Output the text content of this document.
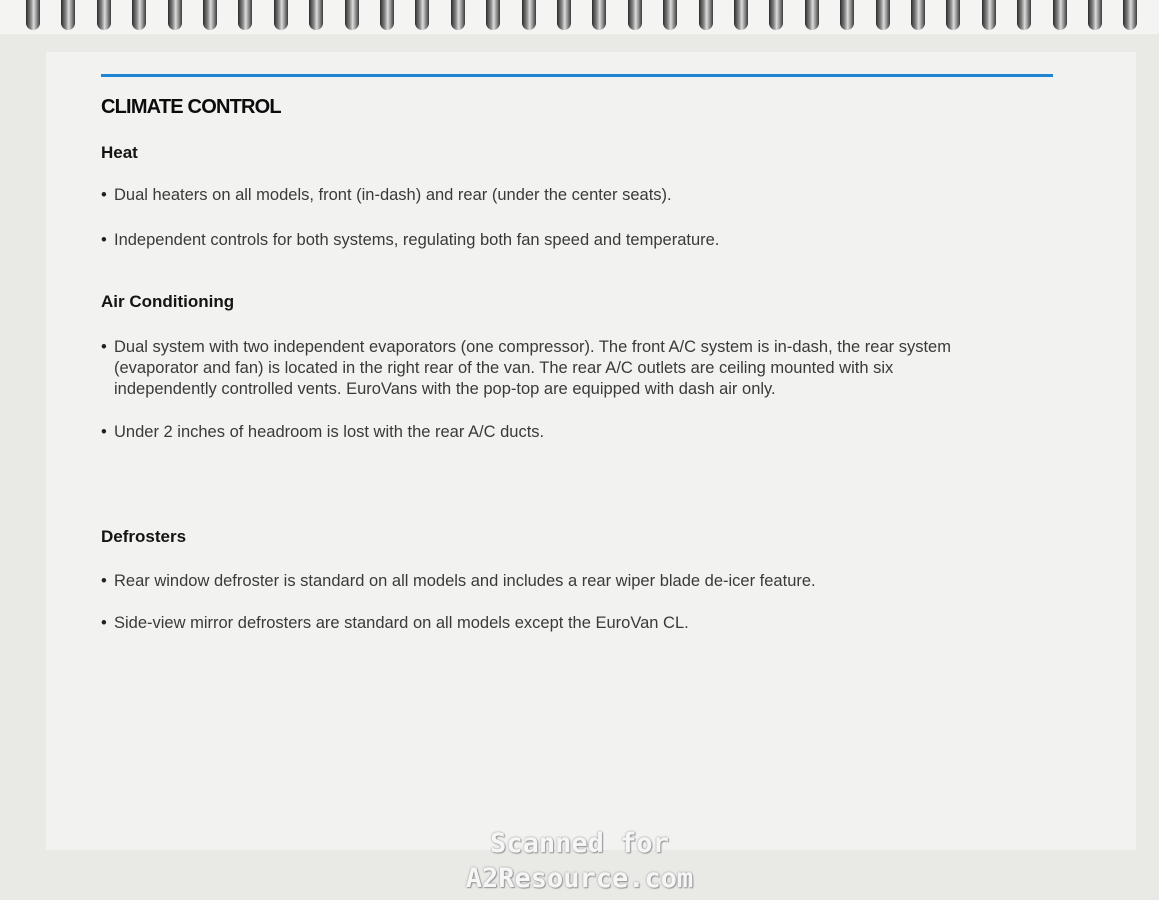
CLIMATE CONTROL
Heat

• Dual heaters on all models, front (in-dash) and rear (under the center seats).

• Independent controls for both systems, regulating both fan speed and temperature.

Air Conditioning

• Dual system with two independent evaporators (one compressor). The front A/C system is in-dash, the rear system (evaporator and fan) is located in the right rear of the van. The rear A/C outlets are ceiling mounted with six independently controlled vents. EuroVans with the pop-top are equipped with dash air only.

• Under 2 inches of headroom is lost with the rear A/C ducts.

Defrosters

• Rear window defroster is standard on all models and includes a rear wiper blade de-icer feature.

• Side-view mirror defrosters are standard on all models except the EuroVan CL.

Scanned for
A2Resource.com
